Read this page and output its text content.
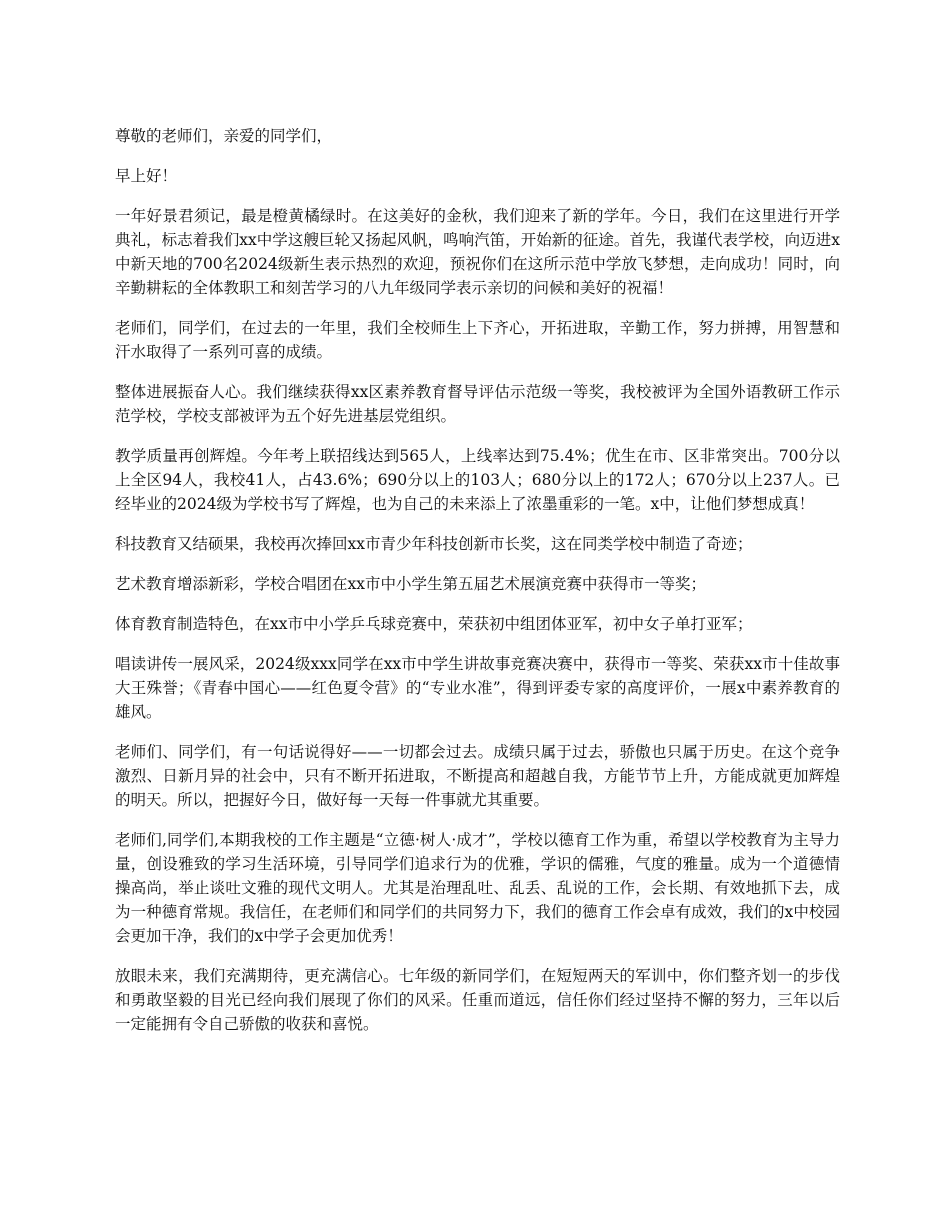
尊敬的老师们，亲爱的同学们，

早上好！

一年好景君须记，最是橙黄橘绿时。在这美好的金秋，我们迎来了新的学年。今日，我们在这里进行开学典礼，标志着我们xx中学这艘巨轮又扬起风帆，鸣响汽笛，开始新的征途。首先，我谨代表学校，向迈进x中新天地的700名2024级新生表示热烈的欢迎，预祝你们在这所示范中学放飞梦想，走向成功！同时，向辛勤耕耘的全体教职工和刻苦学习的八九年级同学表示亲切的问候和美好的祝福！

老师们，同学们，在过去的一年里，我们全校师生上下齐心，开拓进取，辛勤工作，努力拼搏，用智慧和汗水取得了一系列可喜的成绩。

整体进展振奋人心。我们继续获得xx区素养教育督导评估示范级一等奖，我校被评为全国外语教研工作示范学校，学校支部被评为五个好先进基层党组织。

教学质量再创辉煌。今年考上联招线达到565人，上线率达到75.4%；优生在市、区非常突出。700分以上全区94人，我校41人，占43.6%；690分以上的103人；680分以上的172人；670分以上237人。已经毕业的2024级为学校书写了辉煌，也为自己的未来添上了浓墨重彩的一笔。x中，让他们梦想成真！

科技教育又结硕果，我校再次捧回xx市青少年科技创新市长奖，这在同类学校中制造了奇迹；

艺术教育增添新彩，学校合唱团在xx市中小学生第五届艺术展演竞赛中获得市一等奖；

体育教育制造特色，在xx市中小学乒乓球竞赛中，荣获初中组团体亚军，初中女子单打亚军；

唱读讲传一展风采，2024级xxx同学在xx市中学生讲故事竞赛决赛中，获得市一等奖、荣获xx市十佳故事大王殊誉；《青春中国心——红色夏令营》的“专业水准”，得到评委专家的高度评价，一展x中素养教育的雄风。

老师们、同学们，有一句话说得好——一切都会过去。成绩只属于过去，骄傲也只属于历史。在这个竞争激烈、日新月异的社会中，只有不断开拓进取，不断提高和超越自我，方能节节上升，方能成就更加辉煌的明天。所以，把握好今日，做好每一天每一件事就尤其重要。

老师们,同学们,本期我校的工作主题是“立德·树人·成才”，学校以德育工作为重，希望以学校教育为主导力量，创设雅致的学习生活环境，引导同学们追求行为的优雅，学识的儒雅，气度的雅量。成为一个道德情操高尚，举止谈吐文雅的现代文明人。尤其是治理乱吐、乱丢、乱说的工作，会长期、有效地抓下去，成为一种德育常规。我信任，在老师们和同学们的共同努力下，我们的德育工作会卓有成效，我们的x中校园会更加干净，我们的x中学子会更加优秀！

放眼未来，我们充满期待，更充满信心。七年级的新同学们，在短短两天的军训中，你们整齐划一的步伐和勇敢坚毅的目光已经向我们展现了你们的风采。任重而道远，信任你们经过坚持不懈的努力，三年以后一定能拥有令自己骄傲的收获和喜悦。
